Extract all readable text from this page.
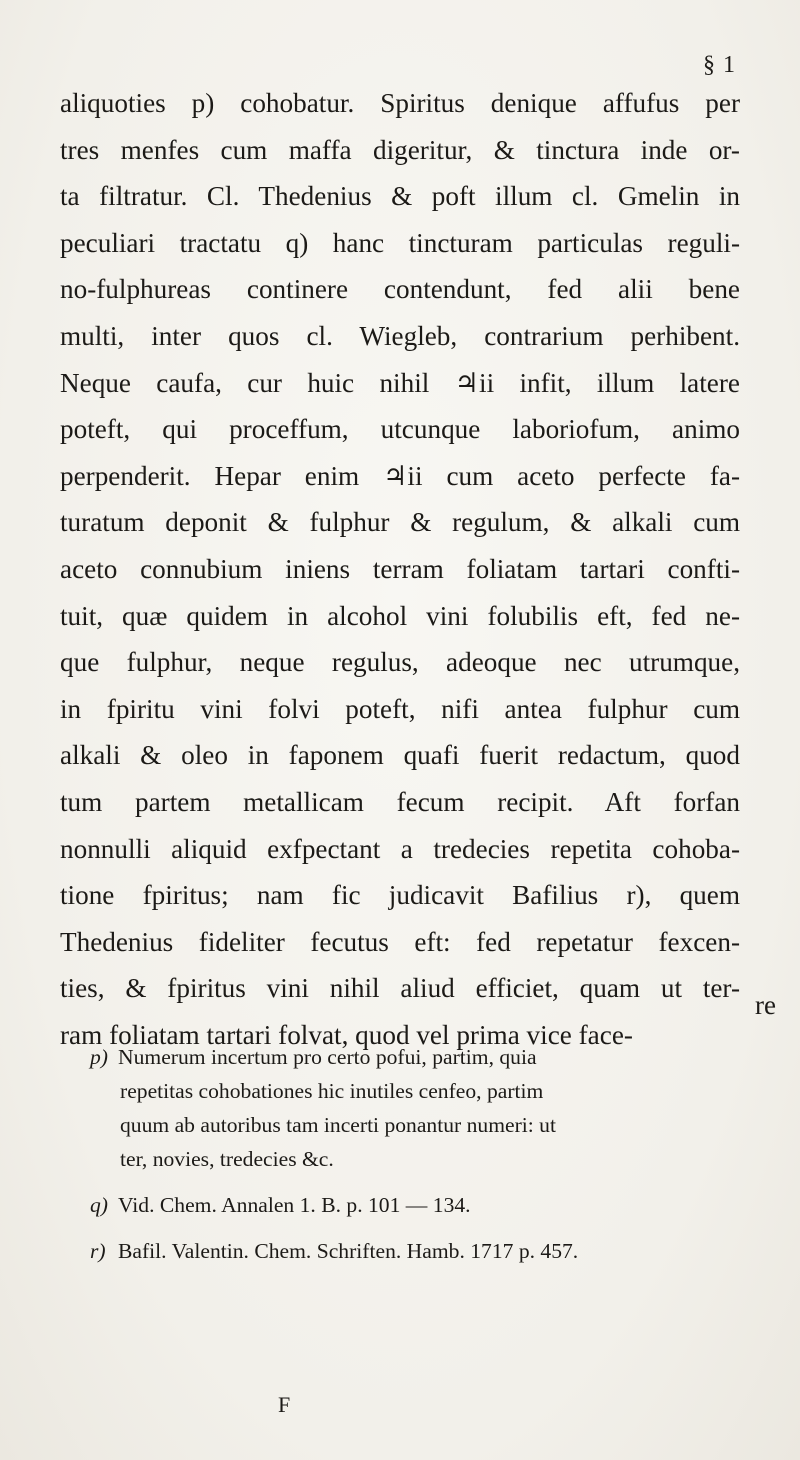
§ 1
aliquoties p) cohobatur. Spiritus denique affufus per
tres menfes cum maffa digeritur, & tinctura inde or-
ta filtratur. Cl. Thedenius & poft illum cl. Gmelin in
peculiari tractatu q) hanc tincturam particulas reguli-
no-fulphureas continere contendunt, fed alii bene
multi, inter quos cl. Wiegleb, contrarium perhibent.
Neque caufa, cur huic nihil ♃ii infit, illum latere
poteft, qui proceffum, utcunque laboriofum, animo
perpenderit. Hepar enim ♃ii cum aceto perfecte fa-
turatum deponit & fulphur & regulum, & alkali cum
aceto connubium iniens terram foliatam tartari confti-
tuit, quæ quidem in alcohol vini folubilis eft, fed ne-
que fulphur, neque regulus, adeoque nec utrumque,
in fpiritu vini folvi poteft, nifi antea fulphur cum
alkali & oleo in faponem quafi fuerit redactum, quod
tum partem metallicam fecum recipit. Aft forfan
nonnulli aliquid exfpectant a tredecies repetita cohoba-
tione fpiritus; nam fic judicavit Bafilius r), quem
Thedenius fideliter fecutus eft: fed repetatur fexcen-
ties, & fpiritus vini nihil aliud efficiet, quam ut ter-
ram foliatam tartari folvat, quod vel prima vice face-
re
p) Numerum incertum pro certo pofui, partim, quia
repetitas cohobationes hic inutiles cenfeo, partim
quum ab autoribus tam incerti ponantur numeri: ut
ter, novies, tredecies &c.
q) Vid. Chem. Annalen 1. B. p. 101 — 134.
r) Bafil. Valentin. Chem. Schriften. Hamb. 1717 p. 457.
F
